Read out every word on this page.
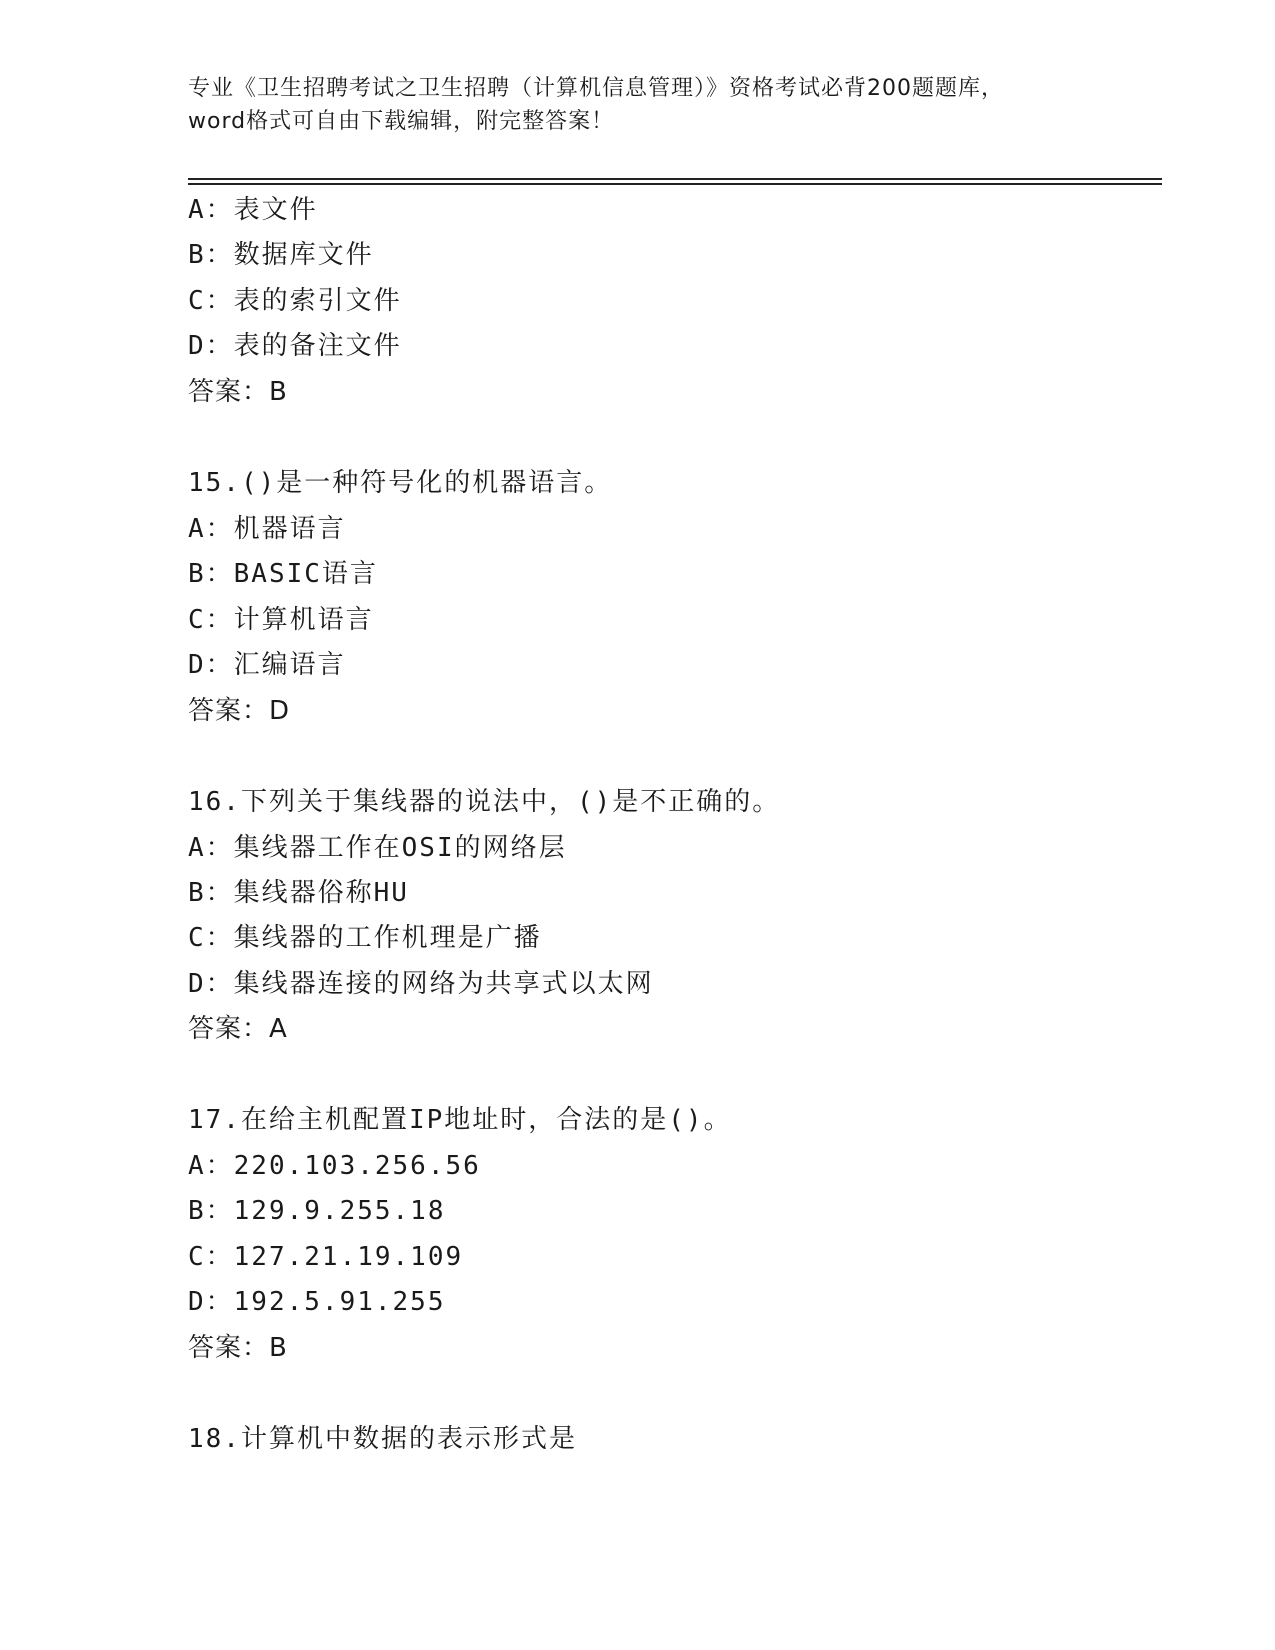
专业《卫生招聘考试之卫生招聘（计算机信息管理）》资格考试必背200题题库，
word格式可自由下载编辑，附完整答案！
A：表文件
B：数据库文件
C：表的索引文件
D：表的备注文件
答案：B
15.()是一种符号化的机器语言。
A：机器语言
B：BASIC语言
C：计算机语言
D：汇编语言
答案：D
16.下列关于集线器的说法中，()是不正确的。
A：集线器工作在OSI的网络层
B：集线器俗称HU
C：集线器的工作机理是广播
D：集线器连接的网络为共享式以太网
答案：A
17.在给主机配置IP地址时，合法的是()。
A：220.103.256.56
B：129.9.255.18
C：127.21.19.109
D：192.5.91.255
答案：B
18.计算机中数据的表示形式是
